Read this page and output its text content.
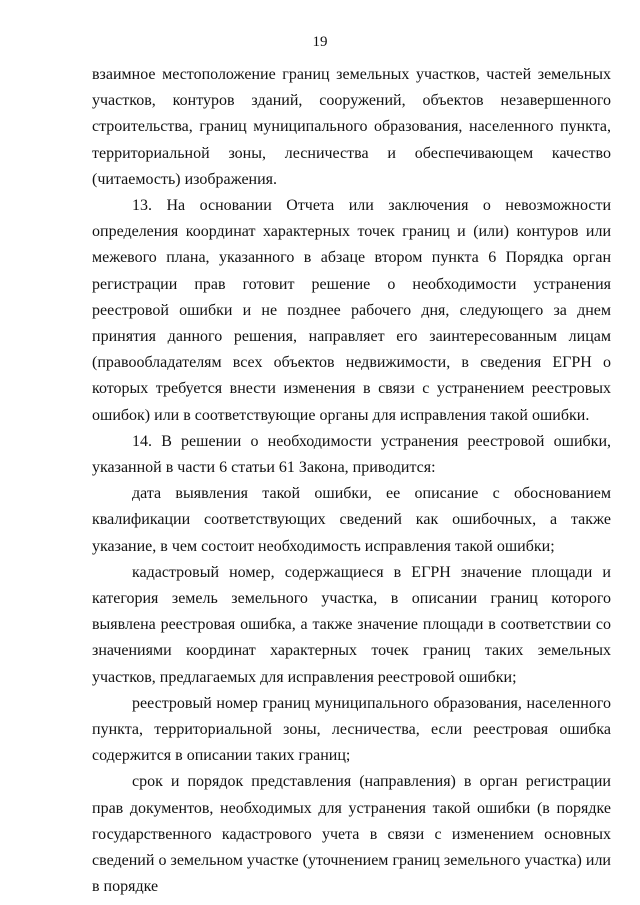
19

взаимное местоположение границ земельных участков, частей земельных участков, контуров зданий, сооружений, объектов незавершенного строительства, границ муниципального образования, населенного пункта, территориальной зоны, лесничества и обеспечивающем качество (читаемость) изображения.

13. На основании Отчета или заключения о невозможности определения координат характерных точек границ и (или) контуров или межевого плана, указанного в абзаце втором пункта 6 Порядка орган регистрации прав готовит решение о необходимости устранения реестровой ошибки и не позднее рабочего дня, следующего за днем принятия данного решения, направляет его заинтересованным лицам (правообладателям всех объектов недвижимости, в сведения ЕГРН о которых требуется внести изменения в связи с устранением реестровых ошибок) или в соответствующие органы для исправления такой ошибки.

14. В решении о необходимости устранения реестровой ошибки, указанной в части 6 статьи 61 Закона, приводится:

дата выявления такой ошибки, ее описание с обоснованием квалификации соответствующих сведений как ошибочных, а также указание, в чем состоит необходимость исправления такой ошибки;

кадастровый номер, содержащиеся в ЕГРН значение площади и категория земель земельного участка, в описании границ которого выявлена реестровая ошибка, а также значение площади в соответствии со значениями координат характерных точек границ таких земельных участков, предлагаемых для исправления реестровой ошибки;

реестровый номер границ муниципального образования, населенного пункта, территориальной зоны, лесничества, если реестровая ошибка содержится в описании таких границ;

срок и порядок представления (направления) в орган регистрации прав документов, необходимых для устранения такой ошибки (в порядке государственного кадастрового учета в связи с изменением основных сведений о земельном участке (уточнением границ земельного участка) или в порядке
